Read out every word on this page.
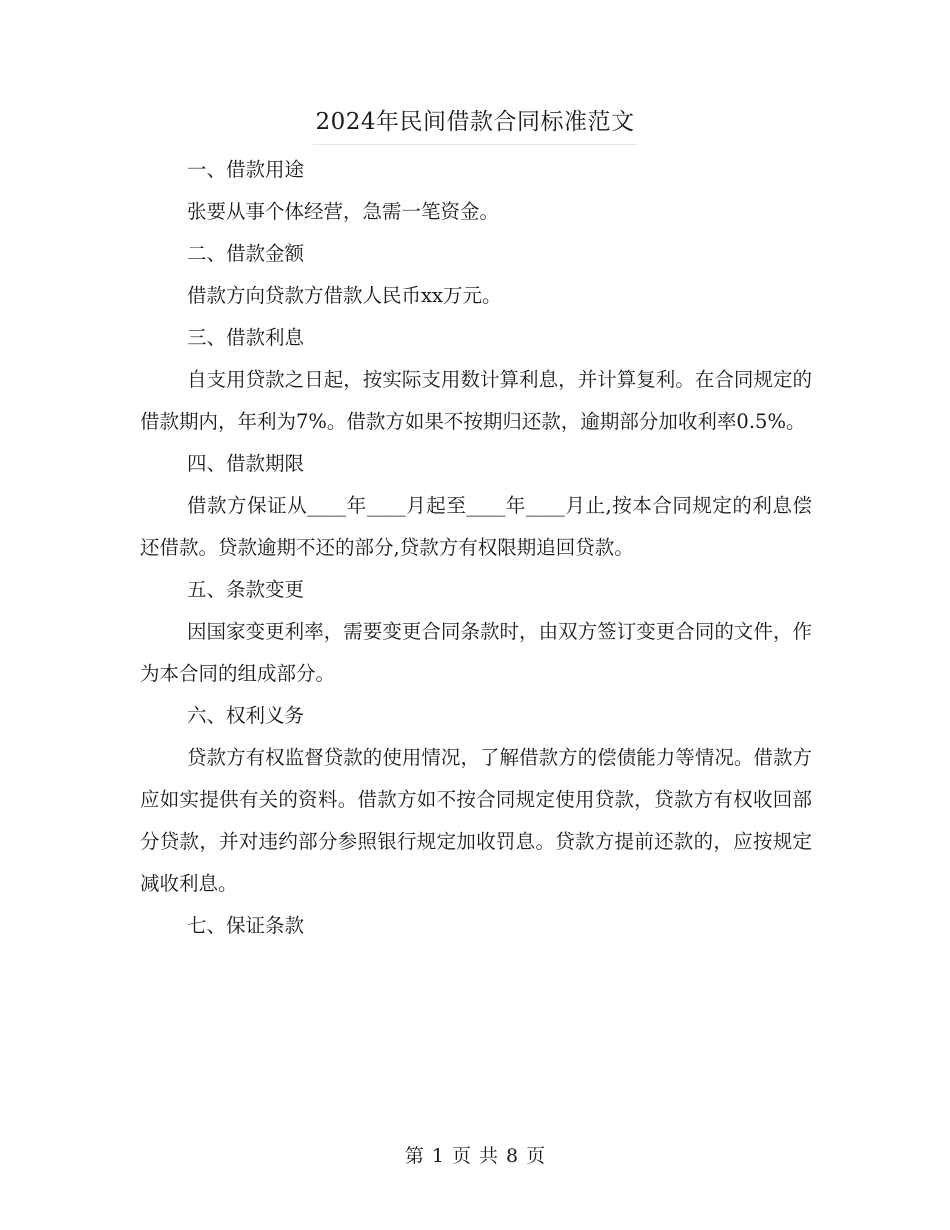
2024年民间借款合同标准范文

一、借款用途

张要从事个体经营，急需一笔资金。

二、借款金额

借款方向贷款方借款人民币xx万元。

三、借款利息

自支用贷款之日起，按实际支用数计算利息，并计算复利。在合同规定的借款期内，年利为7%。借款方如果不按期归还款，逾期部分加收利率0.5%。

四、借款期限

借款方保证从____年____月起至____年____月止,按本合同规定的利息偿还借款。贷款逾期不还的部分,贷款方有权限期追回贷款。

五、条款变更

因国家变更利率，需要变更合同条款时，由双方签订变更合同的文件，作为本合同的组成部分。

六、权利义务

贷款方有权监督贷款的使用情况，了解借款方的偿债能力等情况。借款方应如实提供有关的资料。借款方如不按合同规定使用贷款，贷款方有权收回部分贷款，并对违约部分参照银行规定加收罚息。贷款方提前还款的，应按规定减收利息。

七、保证条款

第 1 页 共 8 页
